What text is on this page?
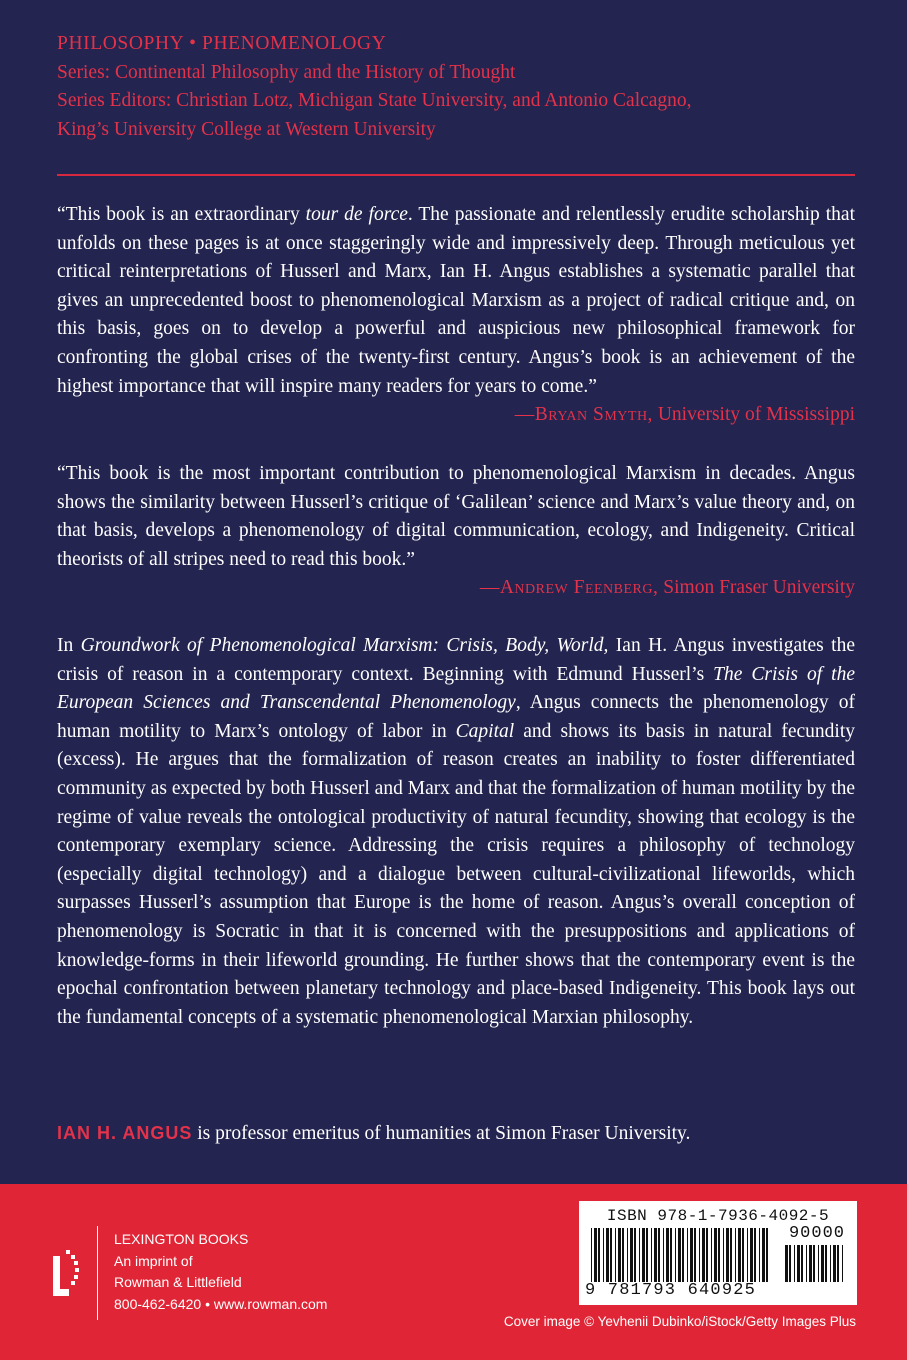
PHILOSOPHY • PHENOMENOLOGY
Series: Continental Philosophy and the History of Thought
Series Editors: Christian Lotz, Michigan State University, and Antonio Calcagno,
King’s University College at Western University
“This book is an extraordinary tour de force. The passionate and relentlessly erudite scholarship that unfolds on these pages is at once staggeringly wide and impressively deep. Through meticulous yet critical reinterpretations of Husserl and Marx, Ian H. Angus establishes a systematic parallel that gives an unprecedented boost to phenomenological Marxism as a project of radical critique and, on this basis, goes on to develop a powerful and auspicious new philosophical framework for confronting the global crises of the twenty-first century. Angus’s book is an achievement of the highest importance that will inspire many readers for years to come.”
—Bryan Smyth, University of Mississippi
“This book is the most important contribution to phenomenological Marxism in decades. Angus shows the similarity between Husserl’s critique of ‘Galilean’ science and Marx’s value theory and, on that basis, develops a phenomenology of digital communication, ecology, and Indigeneity. Critical theorists of all stripes need to read this book.”
—Andrew Feenberg, Simon Fraser University
In Groundwork of Phenomenological Marxism: Crisis, Body, World, Ian H. Angus investigates the crisis of reason in a contemporary context. Beginning with Edmund Husserl’s The Crisis of the European Sciences and Transcendental Phenomenology, Angus connects the phenomenology of human motility to Marx’s ontology of labor in Capital and shows its basis in natural fecundity (excess). He argues that the formalization of reason creates an inability to foster differentiated community as expected by both Husserl and Marx and that the formalization of human motility by the regime of value reveals the ontological productivity of natural fecundity, showing that ecology is the contemporary exemplary science. Addressing the crisis requires a philosophy of technology (especially digital technology) and a dialogue between cultural-civilizational lifeworlds, which surpasses Husserl’s assumption that Europe is the home of reason. Angus’s overall conception of phenomenology is Socratic in that it is concerned with the presuppositions and applications of knowledge-forms in their lifeworld grounding. He further shows that the contemporary event is the epochal confrontation between planetary technology and place-based Indigeneity. This book lays out the fundamental concepts of a systematic phenomenological Marxian philosophy.
IAN H. ANGUS is professor emeritus of humanities at Simon Fraser University.
LEXINGTON BOOKS
An imprint of
Rowman & Littlefield
800-462-6420 • www.rowman.com
ISBN 978-1-7936-4092-5
90000
9 781793 640925
Cover image © Yevhenii Dubinko/iStock/Getty Images Plus
